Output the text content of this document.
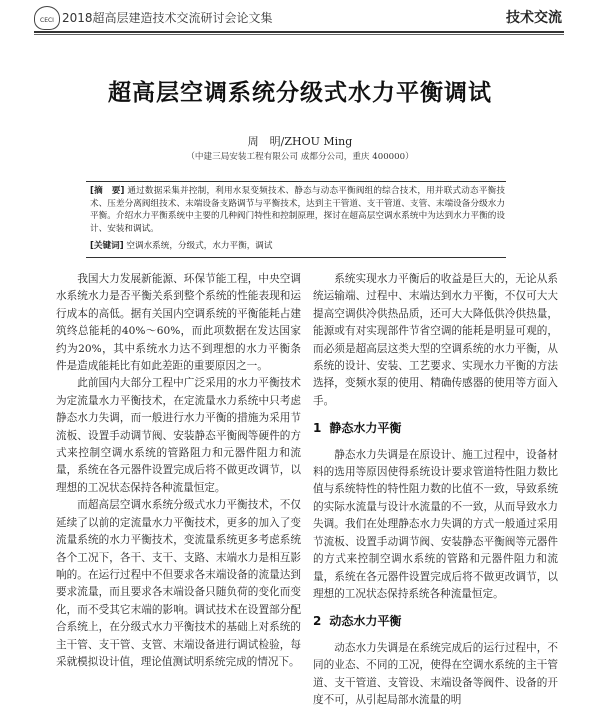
CECI 2018超高层建造技术交流研讨会论文集	技术交流
超高层空调系统分级式水力平衡调试
周　明/ZHOU Ming
（中建三局安装工程有限公司 成都分公司，重庆 400000）
[摘　要] 通过数据采集并控制，利用水泵变频技术、静态与动态平衡阀组的综合技术，用并联式动态平衡技术、压差分离阀组技术、末端设备支路调节与平衡技术，达到主干管道、支干管道、支管、末端设备分级水力平衡。介绍水力平衡系统中主要的几种阀门特性和控制原理，探讨在超高层空调水系统中为达到水力平衡的设计、安装和调试。
[关键词] 空调水系统，分级式，水力平衡，调试

我国大力发展新能源、环保节能工程，中央空调水系统水力是否平衡关系到整个系统的性能表现和运行成本的高低。据有关国内空调系统的平衡能耗占建筑终总能耗的40%～60%，而此项数据在发达国家约为20%，其中系统水力达不到理想的水力平衡条件是造成能耗比有如此差距的重要原因之一。

此前国内大部分工程中广泛采用的水力平衡技术为定流量水力平衡技术，在定流量水力系统中只考虑静态水力失调，而一般进行水力平衡的措施为采用节流板、设置手动调节阀、安装静态平衡阀等硬件的方式来控制空调水系统的管路阻力和元器件阻力和流量，系统在各元器件设置完成后将不做更改调节，以理想的工况状态保持各种流量恒定。

而超高层空调水系统分级式水力平衡技术，不仅延续了以前的定流量水力平衡技术，更多的加入了变流量系统的水力平衡技术，变流量系统更多考虑系统各个工况下，各干、支干、支路、末端水力是相互影响的。在运行过程中不但要求各末端设备的流量达到要求流量，而且要求各末端设备只随负荷的变化而变化，而不受其它末端的影响。调试技术在设置部分配合系统上，在分级式水力平衡技术的基础上对系统的主干管、支干管、支管、末端设备进行调试检验，每采就模拟设计值，理论值测试明系统完成的情况下。

系统实现水力平衡后的收益是巨大的，无论从系统运输端、过程中、末端达到水力平衡，不仅可大大提高空调供冷供热品质，还可大大降低供冷供热量，能源或有对实现部件节省空调的能耗是明显可观的，而必须是超高层这类大型的空调系统的水力平衡，从系统的设计、安装、工艺要求、实现水力平衡的方法选择，变频水泵的使用、精确传感器的使用等方面入手。

1 静态水力平衡

静态水力失调是在原设计、施工过程中，设备材料的选用等原因使得系统设计要求管道特性阻力数比值与系统特性的特性阻力数的比值不一致，导致系统的实际水流量与设计水流量的不一致，从而导致水力失调。我们在处理静态水力失调的方式一般通过采用节流板、设置手动调节阀、安装静态平衡阀等元器件的方式来控制空调水系统的管路和元器件阻力和流量，系统在各元器件设置完成后将不做更改调节，以理想的工况状态保持系统各种流量恒定。

2 动态水力平衡

动态水力失调是在系统完成后的运行过程中，不同的业态、不同的工况，使得在空调水系统的主干管道、支干管道、支管设、末端设备等阀件、设备的开度不可，从引起局部水流量的明
